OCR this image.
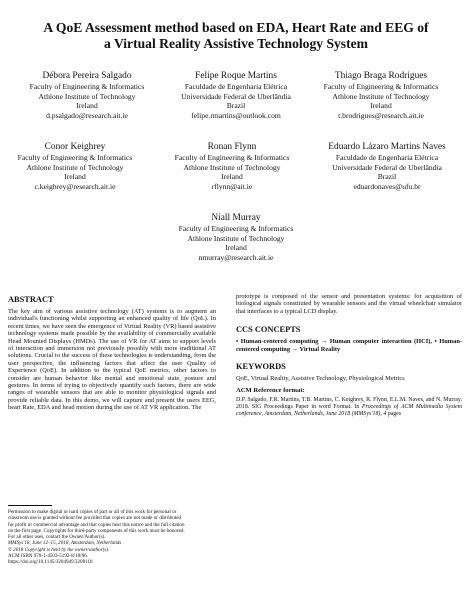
A QoE Assessment method based on EDA, Heart Rate and EEG of
a Virtual Reality Assistive Technology System
Débora Pereira Salgado
Faculty of Engineering & Informatics
Athlone Institute of Technology
Ireland
d.psalgado@research.ait.ie
Felipe Roque Martins
Faculdade de Engenharia Elétrica
Universidade Federal de Uberlândia
Brazil
felipe.rmartins@outlook.com
Thiago Braga Rodrigues
Faculty of Engineering & Informatics
Athlone Institute of Technology
Ireland
t.brodrigues@research.ait.ie
Conor Keighrey
Faculty of Engineering & Informatics
Athlone Institute of Technology
Ireland
c.keighrey@research.ait.ie
Ronan Flynn
Faculty of Engineering & Informatics
Athlone Institute of Technology
Ireland
rflynn@ait.ie
Eduardo Lázaro Martins Naves
Faculdade de Engenharia Elétrica
Universidade Federal de Uberlândia
Brazil
eduardonaves@ufu.br
Niall Murray
Faculty of Engineering & Informatics
Athlone Institute of Technology
Ireland
nmurray@research.ait.ie
ABSTRACT

The key aim of various assistive technology (AT) systems is to augment an individual's functioning whilst supporting an enhanced quality of life (QoL). In recent times, we have seen the emergence of Virtual Reality (VR) based assistive technology systems made possible by the availability of commercially available Head Mounted Displays (HMDs). The use of VR for AT aims to support levels of interaction and immersion not previously possibly with more traditional AT solutions. Crucial to the success of these technologies is understanding, from the user perspective, the influencing factors that affect the user Quality of Experience (QoE). In addition to the typical QoE metrics, other factors to consider are human behavior like mental and emotional state, posture and gestures. In terms of trying to objectively quantify such factors, there are wide ranges of wearable sensors that are able to monitor physiological signals and provide reliable data. In this demo, we will capture and present the users EEG, heart Rate, EDA and head motion during the use of AT VR application. The

prototype is composed of the sensor and presentation systems: for acquisition of biological signals constituted by wearable sensors and the virtual wheelchair simulator that interfaces to a typical LCD display.

CCS CONCEPTS

• Human-centered computing → Human computer interaction (HCI), • Human-centered computing → Virtual Reality

KEYWORDS

QoE, Virtual Reality, Assistive Technology, Physiological Metrics

ACM Reference format:

D.P. Salgado, F.R. Martins, T.B. Martins, C. Keighrey, R. Flynn, E.L.M. Naves, and N. Murray. 2018. SIG Proceedings Paper in word Format. In Proceedings of ACM Multimedia System conference, Amsterdam, Netherlands, June 2018 (MMSys'18), 4 pages

Permission to make digital or hard copies of part or all of this work for personal or

classroom use is granted without fee provided that copies are not made or distributed

for profit or commercial advantage and that copies bear this notice and the full citation

on the first page. Copyrights for third-party components of this work must be honored.

For all other uses, contact the Owner/Author(s).

MMSys'18, June 12–15, 2018, Amsterdam, Netherlands

© 2018 Copyright is held by the owner/author(s).

ACM ISBN 978-1-4503-5192-8/18/06.

https://doi.org/10.1145/3204949.3208118
